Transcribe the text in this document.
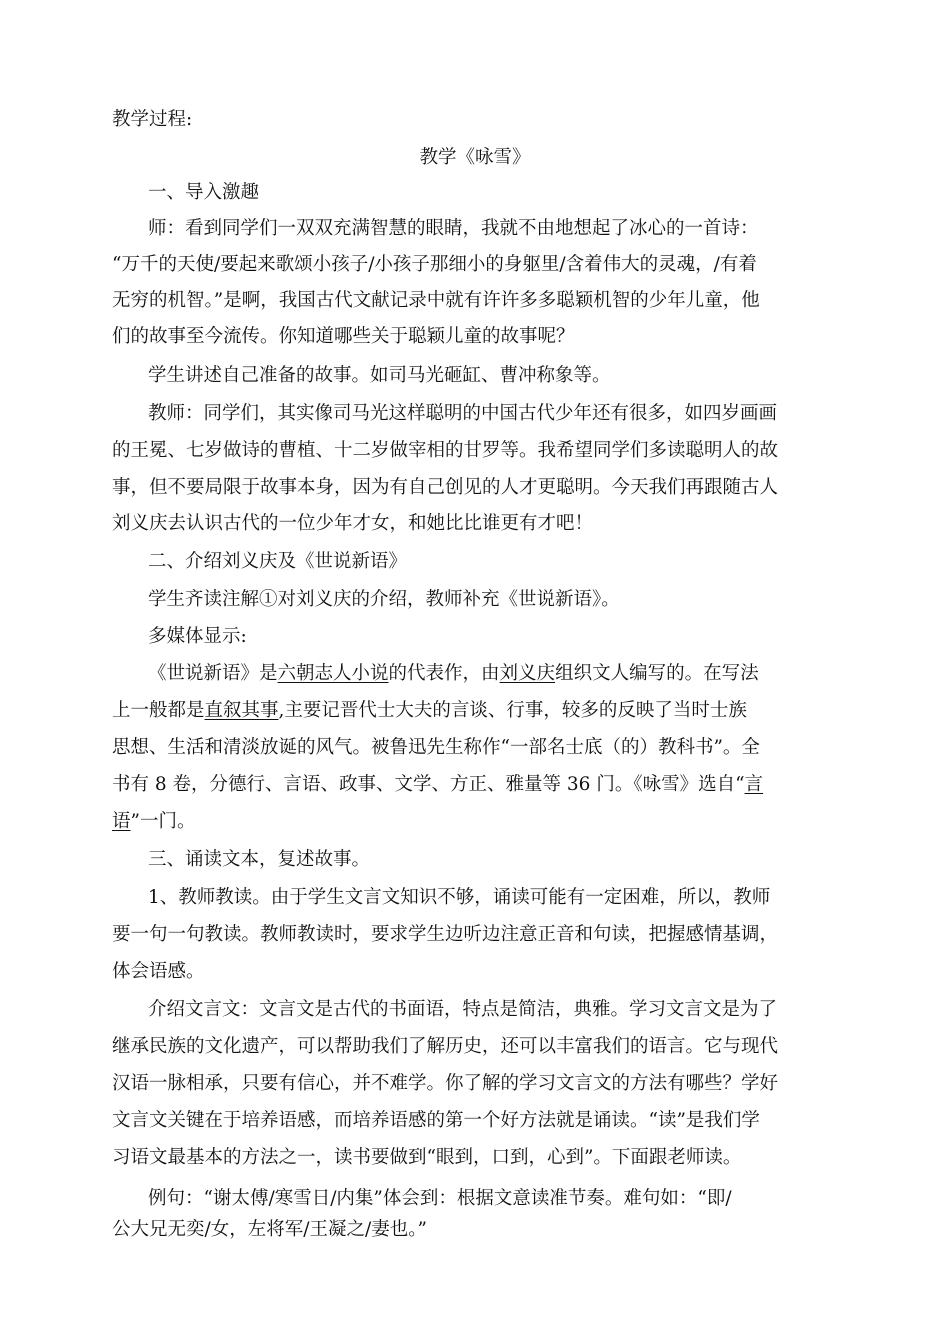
教学过程:
教学《咏雪》
一、导入激趣
师：看到同学们一双双充满智慧的眼睛，我就不由地想起了冰心的一首诗：
“万千的天使/要起来歌颂小孩子/小孩子那细小的身躯里/含着伟大的灵魂，/有着
无穷的机智。”是啊，我国古代文献记录中就有许许多多聪颖机智的少年儿童，他
们的故事至今流传。你知道哪些关于聪颖儿童的故事呢？
学生讲述自己准备的故事。如司马光砸缸、曹冲称象等。
教师：同学们，其实像司马光这样聪明的中国古代少年还有很多，如四岁画画
的王冕、七岁做诗的曹植、十二岁做宰相的甘罗等。我希望同学们多读聪明人的故
事，但不要局限于故事本身，因为有自己创见的人才更聪明。今天我们再跟随古人
刘义庆去认识古代的一位少年才女，和她比比谁更有才吧！
二、介绍刘义庆及《世说新语》
学生齐读注解①对刘义庆的介绍，教师补充《世说新语》。
多媒体显示:
《世说新语》是六朝志人小说的代表作，由刘义庆组织文人编写的。在写法
上一般都是直叙其事,主要记晋代士大夫的言谈、行事，较多的反映了当时士族
思想、生活和清淡放诞的风气。被鲁迅先生称作“一部名士底（的）教科书”。全
书有 8 卷，分德行、言语、政事、文学、方正、雅量等 36 门。《咏雪》选自“言
语”一门。
三、诵读文本，复述故事。
1、教师教读。由于学生文言文知识不够，诵读可能有一定困难，所以，教师
要一句一句教读。教师教读时，要求学生边听边注意正音和句读，把握感情基调，
体会语感。
介绍文言文：文言文是古代的书面语，特点是简洁，典雅。学习文言文是为了
继承民族的文化遗产，可以帮助我们了解历史，还可以丰富我们的语言。它与现代
汉语一脉相承，只要有信心，并不难学。你了解的学习文言文的方法有哪些？学好
文言文关键在于培养语感，而培养语感的第一个好方法就是诵读。“读”是我们学
习语文最基本的方法之一，读书要做到“眼到，口到，心到”。下面跟老师读。
例句：“谢太傅/寒雪日/内集”体会到：根据文意读准节奏。难句如：“即/
公大兄无奕/女，左将军/王凝之/妻也。”
